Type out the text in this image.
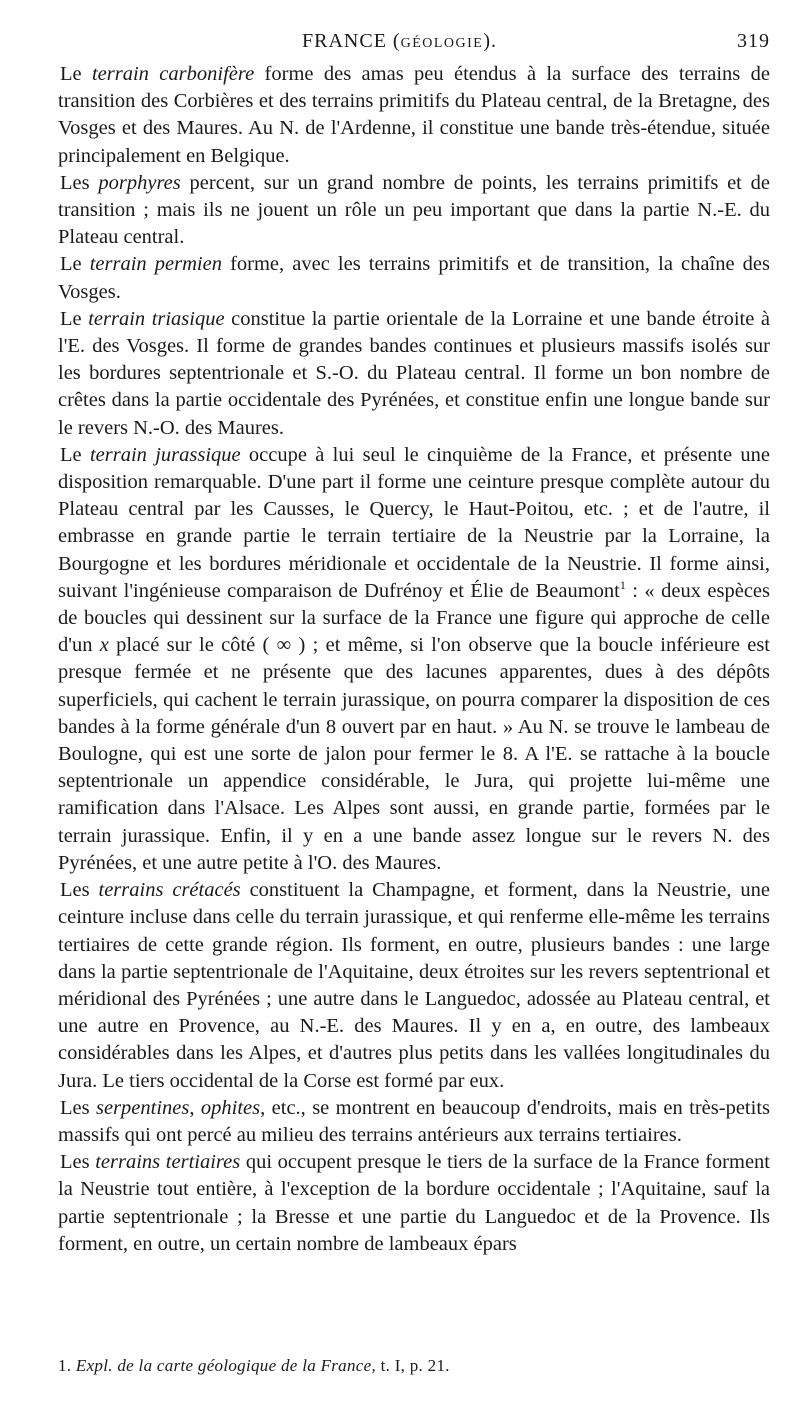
FRANCE (GÉOLOGIE).	319

Le terrain carbonifère forme des amas peu étendus à la surface des terrains de transition des Corbières et des terrains primitifs du Plateau central, de la Bretagne, des Vosges et des Maures. Au N. de l'Ardenne, il constitue une bande très-étendue, située principalement en Belgique.

Les porphyres percent, sur un grand nombre de points, les terrains primitifs et de transition ; mais ils ne jouent un rôle un peu important que dans la partie N.-E. du Plateau central.

Le terrain permien forme, avec les terrains primitifs et de transition, la chaîne des Vosges.

Le terrain triasique constitue la partie orientale de la Lorraine et une bande étroite à l'E. des Vosges. Il forme de grandes bandes continues et plusieurs massifs isolés sur les bordures septentrionale et S.-O. du Plateau central. Il forme un bon nombre de crêtes dans la partie occidentale des Pyrénées, et constitue enfin une longue bande sur le revers N.-O. des Maures.

Le terrain jurassique occupe à lui seul le cinquième de la France, et présente une disposition remarquable. D'une part il forme une ceinture presque complète autour du Plateau central par les Causses, le Quercy, le Haut-Poitou, etc. ; et de l'autre, il embrasse en grande partie le terrain tertiaire de la Neustrie par la Lorraine, la Bourgogne et les bordures méridionale et occidentale de la Neustrie. Il forme ainsi, suivant l'ingénieuse comparaison de Dufrénoy et Élie de Beaumont$^1$ : « deux espèces de boucles qui dessinent sur la surface de la France une figure qui approche de celle d'un x placé sur le côté ( ∞ ) ; et même, si l'on observe que la boucle inférieure est presque fermée et ne présente que des lacunes apparentes, dues à des dépôts superficiels, qui cachent le terrain jurassique, on pourra comparer la disposition de ces bandes à la forme générale d'un 8 ouvert par en haut. » Au N. se trouve le lambeau de Boulogne, qui est une sorte de jalon pour fermer le 8. A l'E. se rattache à la boucle septentrionale un appendice considérable, le Jura, qui projette lui-même une ramification dans l'Alsace. Les Alpes sont aussi, en grande partie, formées par le terrain jurassique. Enfin, il y en a une bande assez longue sur le revers N. des Pyrénées, et une autre petite à l'O. des Maures.

Les terrains crétacés constituent la Champagne, et forment, dans la Neustrie, une ceinture incluse dans celle du terrain jurassique, et qui renferme elle-même les terrains tertiaires de cette grande région. Ils forment, en outre, plusieurs bandes : une large dans la partie septentrionale de l'Aquitaine, deux étroites sur les revers septentrional et méridional des Pyrénées ; une autre dans le Languedoc, adossée au Plateau central, et une autre en Provence, au N.-E. des Maures. Il y en a, en outre, des lambeaux considérables dans les Alpes, et d'autres plus petits dans les vallées longitudinales du Jura. Le tiers occidental de la Corse est formé par eux.

Les serpentines, ophites, etc., se montrent en beaucoup d'endroits, mais en très-petits massifs qui ont percé au milieu des terrains antérieurs aux terrains tertiaires.

Les terrains tertiaires qui occupent presque le tiers de la surface de la France forment la Neustrie tout entière, à l'exception de la bordure occidentale ; l'Aquitaine, sauf la partie septentrionale ; la Bresse et une partie du Languedoc et de la Provence. Ils forment, en outre, un certain nombre de lambeaux épars

1. Expl. de la carte géologique de la France, t. I, p. 21.
